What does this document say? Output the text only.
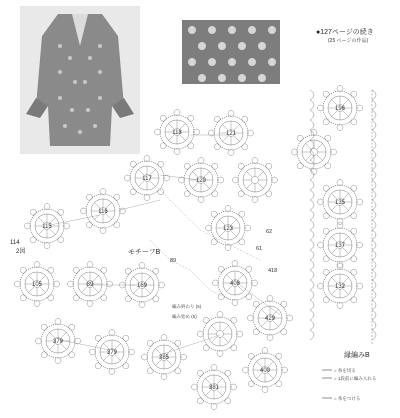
●127ページの続き
(25 ページの作品)
114
2図
118	121
117	120
116
123
115
105	89	169	408
429
379
379
385
381
400
135
137
196
132
61
62
418
89
モチーフB
縁編みB
編み終わり (5)
編み始め (5)
= 糸を切る
= 1段前に編み入れる
= 糸をつける
